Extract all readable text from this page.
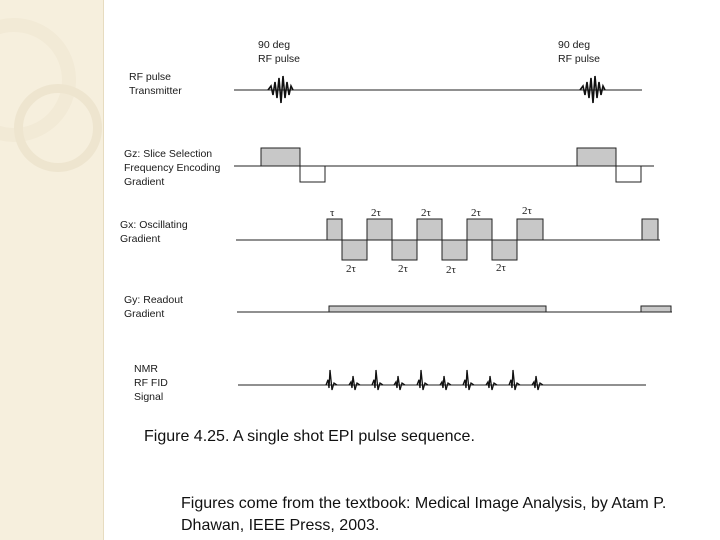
90 deg RF pulse
90 deg RF pulse
RF pulse Transmitter
Gz: Slice Selection Frequency Encoding Gradient
Gx: Oscillating Gradient
Gy: Readout Gradient
NMR RF FID Signal
τ	2τ	2τ	2τ	2τ
2τ	2τ	2τ	2τ
Figure 4.25. A single shot EPI pulse sequence.
Figures come from the textbook: Medical Image Analysis, by Atam P. Dhawan, IEEE Press, 2003.
